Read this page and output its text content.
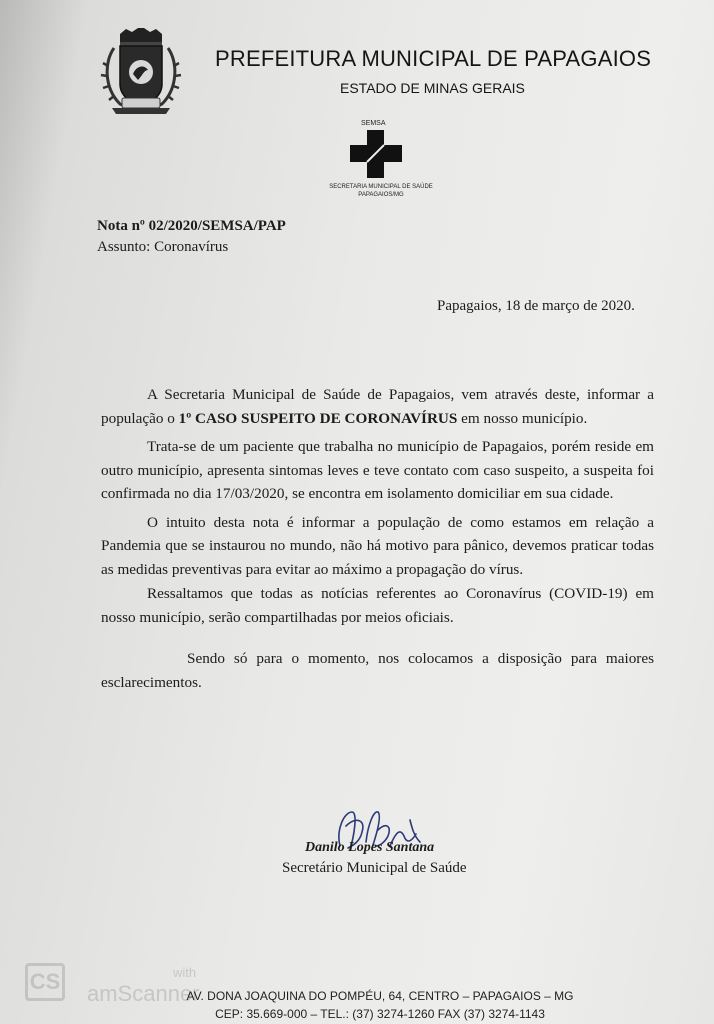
PREFEITURA MUNICIPAL DE PAPAGAIOS
ESTADO DE MINAS GERAIS
SEMSA
SECRETARIA MUNICIPAL DE SAÚDE
PAPAGAIOS/MG
Nota nº 02/2020/SEMSA/PAP
Assunto: Coronavírus
Papagaios, 18 de março de 2020.

A Secretaria Municipal de Saúde de Papagaios, vem através deste, informar a população o 1º CASO SUSPEITO DE CORONAVÍRUS em nosso município.

Trata-se de um paciente que trabalha no município de Papagaios, porém reside em outro município, apresenta sintomas leves e teve contato com caso suspeito, a suspeita foi confirmada no dia 17/03/2020, se encontra em isolamento domiciliar em sua cidade.

O intuito desta nota é informar a população de como estamos em relação a Pandemia que se instaurou no mundo, não há motivo para pânico, devemos praticar todas as medidas preventivas para evitar ao máximo a propagação do vírus.

Ressaltamos que todas as notícias referentes ao Coronavírus (COVID-19) em nosso município, serão compartilhadas por meios oficiais.

Sendo só para o momento, nos colocamos a disposição para maiores esclarecimentos.

Danilo Lopes Santana
Secretário Municipal de Saúde
CS	with
amScanner
AV. DONA JOAQUINA DO POMPÉU, 64, CENTRO – PAPAGAIOS – MG
CEP: 35.669-000 – TEL.: (37) 3274-1260 FAX (37) 3274-1143
